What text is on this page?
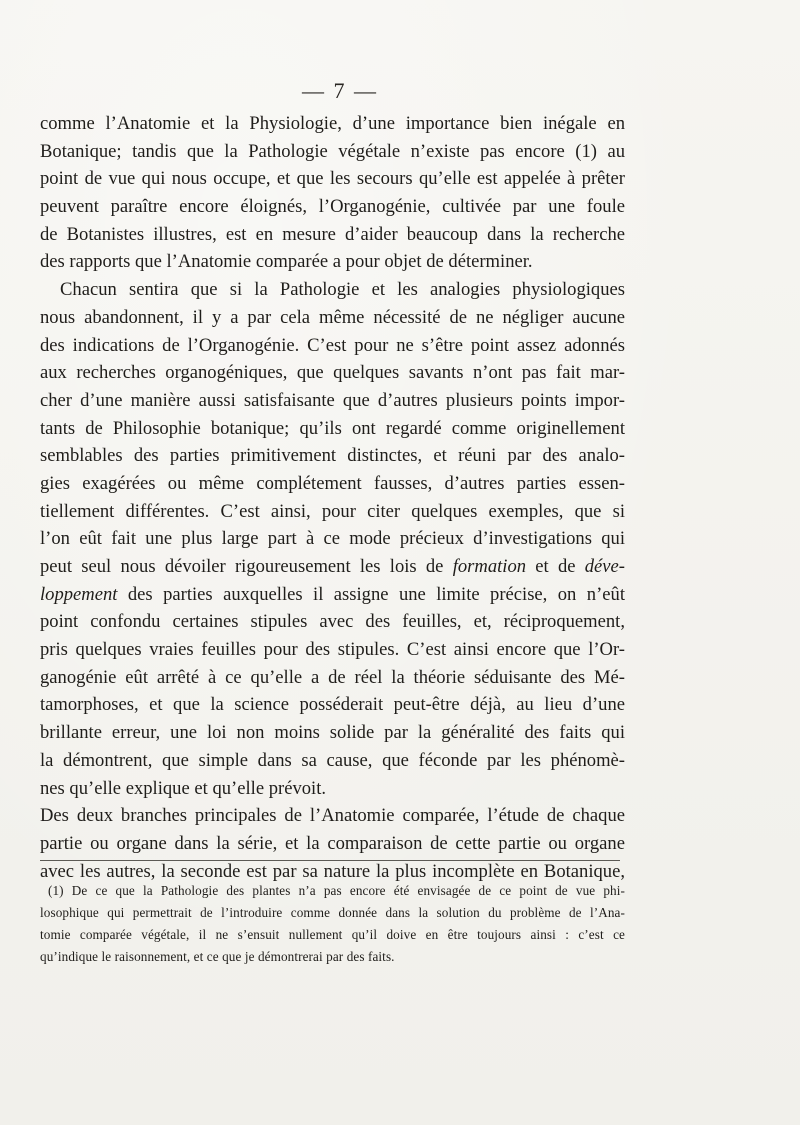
— 7 —
comme l’Anatomie et la Physiologie, d’une importance bien inégale en
Botanique; tandis que la Pathologie végétale n’existe pas encore (1) au
point de vue qui nous occupe, et que les secours qu’elle est appelée à prêter
peuvent paraître encore éloignés, l’Organogénie, cultivée par une foule
de Botanistes illustres, est en mesure d’aider beaucoup dans la recherche
des rapports que l’Anatomie comparée a pour objet de déterminer.
Chacun sentira que si la Pathologie et les analogies physiologiques
nous abandonnent, il y a par cela même nécessité de ne négliger aucune
des indications de l’Organogénie. C’est pour ne s’être point assez adonnés
aux recherches organogéniques, que quelques savants n’ont pas fait mar-
cher d’une manière aussi satisfaisante que d’autres plusieurs points impor-
tants de Philosophie botanique; qu’ils ont regardé comme originellement
semblables des parties primitivement distinctes, et réuni par des analo-
gies exagérées ou même complétement fausses, d’autres parties essen-
tiellement différentes. C’est ainsi, pour citer quelques exemples, que si
l’on eût fait une plus large part à ce mode précieux d’investigations qui
peut seul nous dévoiler rigoureusement les lois de formation et de déve-
loppement des parties auxquelles il assigne une limite précise, on n’eût
point confondu certaines stipules avec des feuilles, et, réciproquement,
pris quelques vraies feuilles pour des stipules. C’est ainsi encore que l’Or-
ganogénie eût arrêté à ce qu’elle a de réel la théorie séduisante des Mé-
tamorphoses, et que la science posséderait peut-être déjà, au lieu d’une
brillante erreur, une loi non moins solide par la généralité des faits qui
la démontrent, que simple dans sa cause, que féconde par les phénomè-
nes qu’elle explique et qu’elle prévoit.
Des deux branches principales de l’Anatomie comparée, l’étude de chaque
partie ou organe dans la série, et la comparaison de cette partie ou organe
avec les autres, la seconde est par sa nature la plus incomplète en Botanique,
(1) De ce que la Pathologie des plantes n’a pas encore été envisagée de ce point de vue phi-
losophique qui permettrait de l’introduire comme donnée dans la solution du problème de l’Ana-
tomie comparée végétale, il ne s’ensuit nullement qu’il doive en être toujours ainsi : c’est ce
qu’indique le raisonnement, et ce que je démontrerai par des faits.
